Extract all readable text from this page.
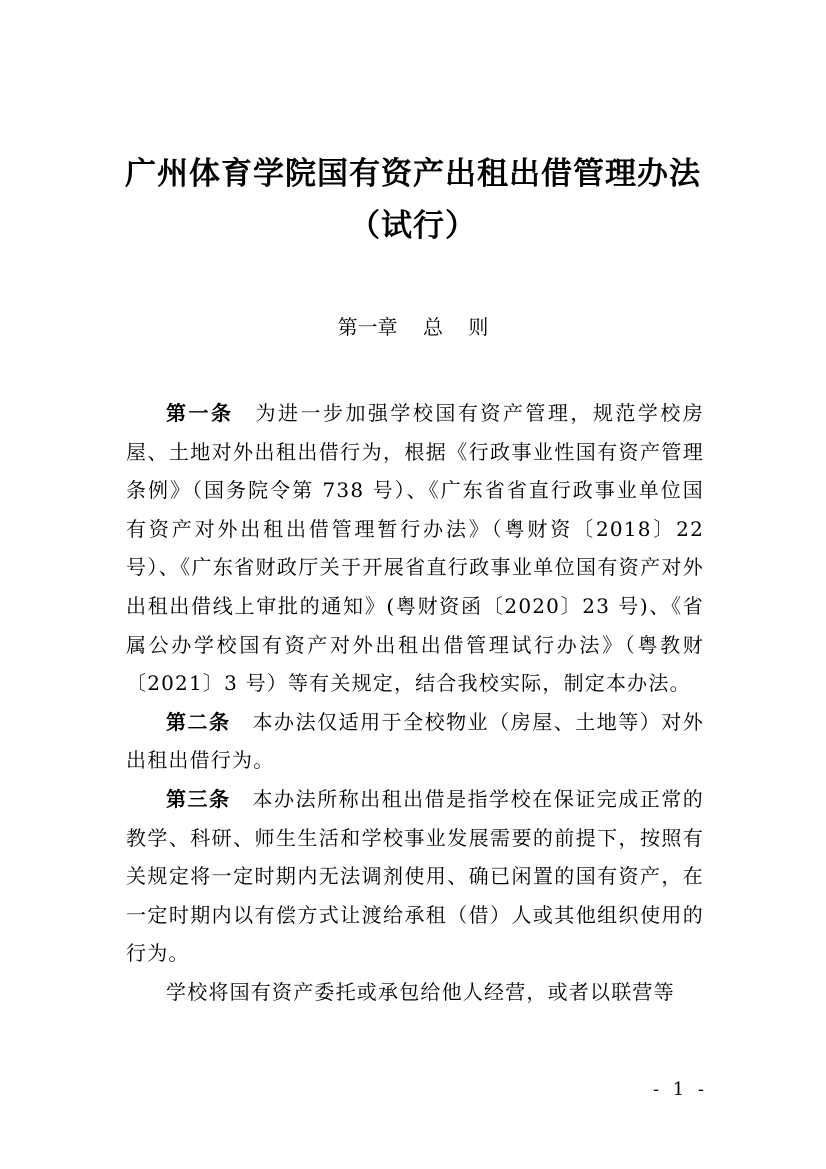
广州体育学院国有资产出租出借管理办法
（试行）
第一章    总    则

第一条 为进一步加强学校国有资产管理，规范学校房屋、土地对外出租出借行为，根据《行政事业性国有资产管理条例》（国务院令第 738 号）、《广东省省直行政事业单位国有资产对外出租出借管理暂行办法》（粤财资〔2018〕22 号）、《广东省财政厅关于开展省直行政事业单位国有资产对外出租出借线上审批的通知》(粤财资函〔2020〕23 号)、《省属公办学校国有资产对外出租出借管理试行办法》（粤教财〔2021〕3 号）等有关规定，结合我校实际，制定本办法。

第二条 本办法仅适用于全校物业（房屋、土地等）对外出租出借行为。

第三条 本办法所称出租出借是指学校在保证完成正常的教学、科研、师生生活和学校事业发展需要的前提下，按照有关规定将一定时期内无法调剂使用、确已闲置的国有资产，在一定时期内以有偿方式让渡给承租（借）人或其他组织使用的行为。

学校将国有资产委托或承包给他人经营，或者以联营等

- 1 -
